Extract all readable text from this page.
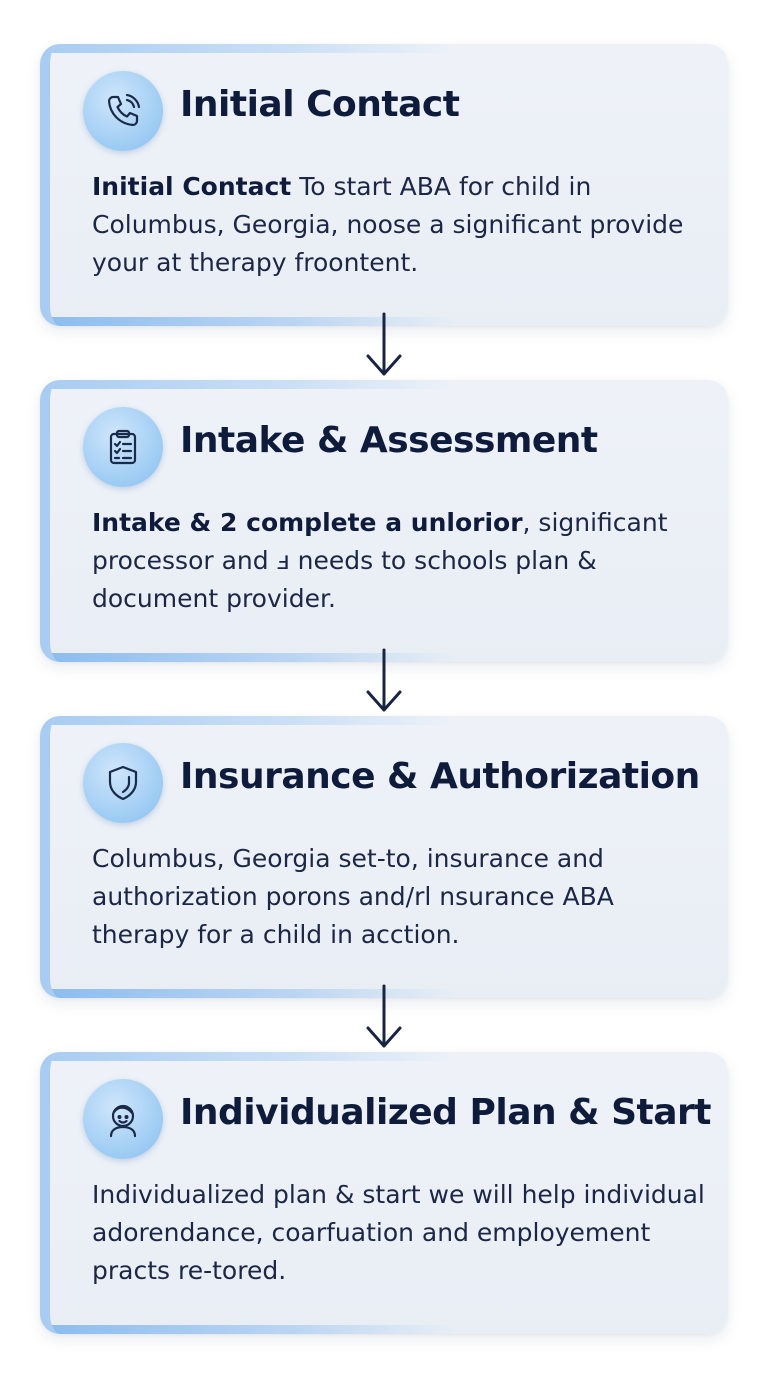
Initial Contact
Initial Contact To start ABA for child in Columbus, Georgia, noose a significant provide your at therapy froontent.
Intake & Assessment
Intake & 2 complete a unlorior, significant processor and ⅎ needs to schools plan & document provider.
Insurance & Authorization
Columbus, Georgia set-to, insurance and authorization porons and/rl nsurance ABA therapy for a child in acction.
Individualized Plan & Start
Individualized plan & start we will help individual adorendance, coarfuation and employement practs re-tored.
